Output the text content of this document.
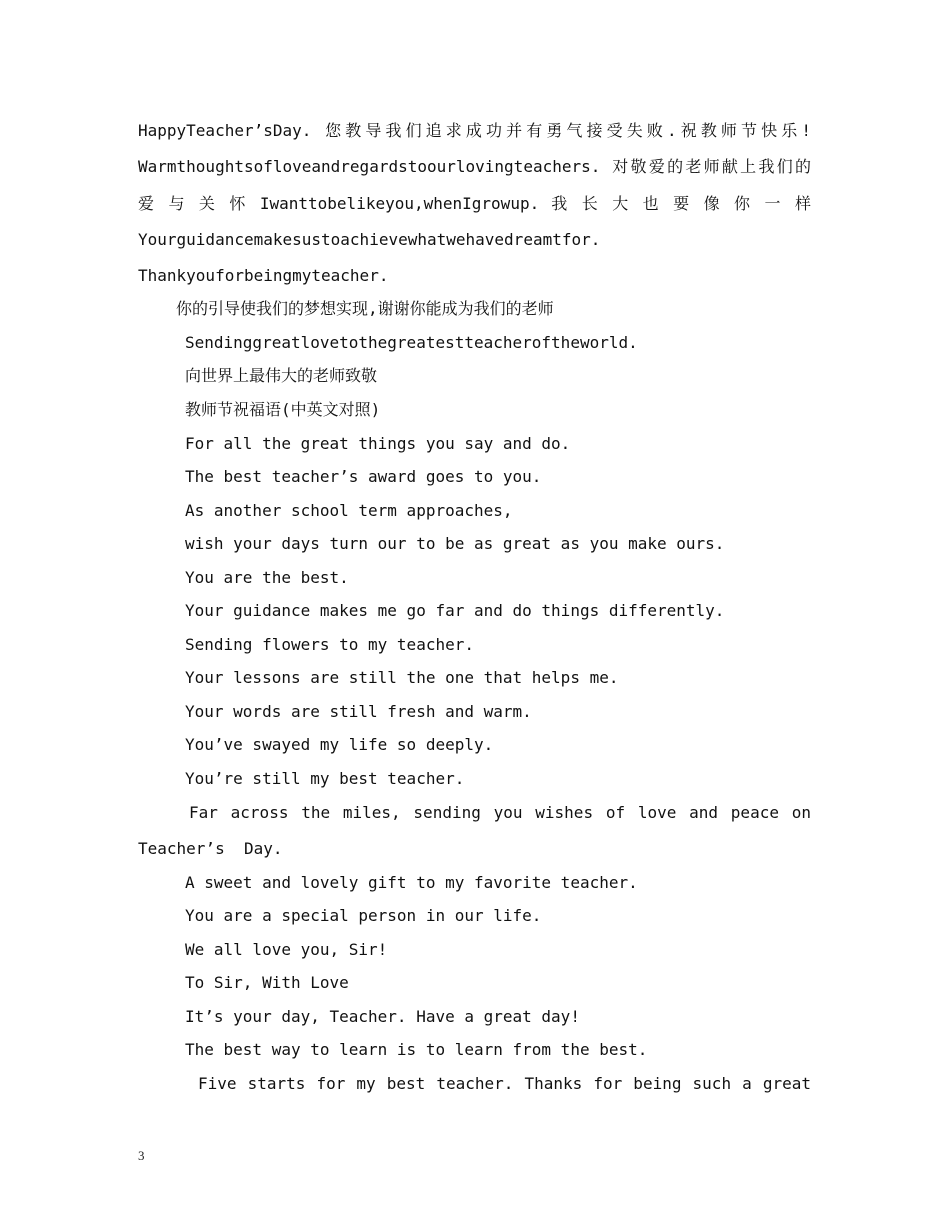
HappyTeacher’sDay. 您教导我们追求成功并有勇气接受失败.祝教师节快乐!
Warmthoughtsofloveandregardstoourlovingteachers. 对敬爱的老师献上我们的
爱 与 关 怀 Iwanttobelikeyou,whenIgrowup. 我 长 大 也 要 像 你 一 样
Yourguidancemakesustoachievewhatwehavedreamtfor.
Thankyouforbeingmyteacher.
你的引导使我们的梦想实现,谢谢你能成为我们的老师
Sendinggreatlovetothegreatestteacheroftheworld.
向世界上最伟大的老师致敬
教师节祝福语(中英文对照)
For all the great things you say and do.
The best teacher’s award goes to you.
As another school term approaches,
wish your days turn our to be as great as you make ours.
You are the best.
Your guidance makes me go far and do things differently.
Sending flowers to my teacher.
Your lessons are still the one that helps me.
Your words are still fresh and warm.
You’ve swayed my life so deeply.
You’re still my best teacher.
Far across the miles, sending you wishes of love and peace on
Teacher’s  Day.
A sweet and lovely gift to my favorite teacher.
You are a special person in our life.
We all love you, Sir!
To Sir, With Love
It’s your day, Teacher. Have a great day!
The best way to learn is to learn from the best.
Five starts for my best teacher. Thanks for being such a great
3
